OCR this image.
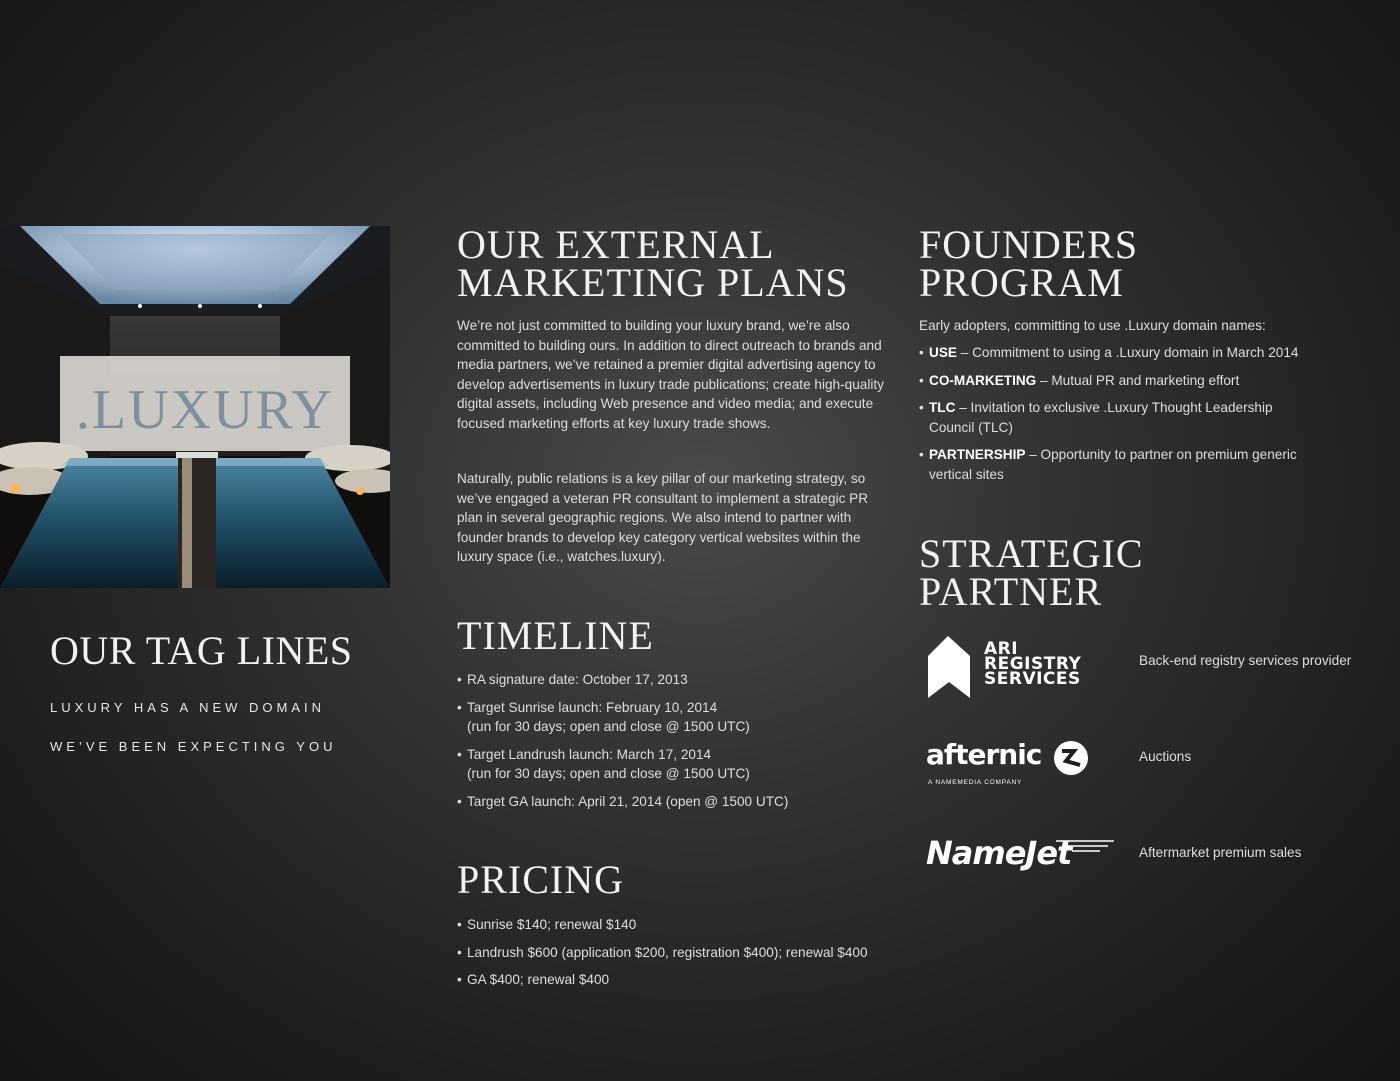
.LUXURY
OUR TAG LINES
LUXURY HAS A NEW DOMAIN
WE’VE BEEN EXPECTING YOU
OUR EXTERNAL
MARKETING PLANS

We’re not just committed to building your luxury brand, we’re also committed to building ours. In addition to direct outreach to brands and media partners, we’ve retained a premier digital advertising agency to develop advertisements in luxury trade publications; create high-quality digital assets, including Web presence and video media; and execute focused marketing efforts at key luxury trade shows.

Naturally, public relations is a key pillar of our marketing strategy, so we’ve engaged a veteran PR consultant to implement a strategic PR plan in several geographic regions. We also intend to partner with founder brands to develop key category vertical websites within the luxury space (i.e., watches.luxury).

TIMELINE
• RA signature date: October 17, 2013
• Target Sunrise launch: February 10, 2014
(run for 30 days; open and close @ 1500 UTC)
• Target Landrush launch: March 17, 2014
(run for 30 days; open and close @ 1500 UTC)
• Target GA launch: April 21, 2014 (open @ 1500 UTC)
PRICING
• Sunrise $140; renewal $140
• Landrush $600 (application $200, registration $400); renewal $400
• GA $400; renewal $400
FOUNDERS
PROGRAM

Early adopters, committing to use .Luxury domain names:

• USE – Commitment to using a .Luxury domain in March 2014
• CO-MARKETING – Mutual PR and marketing effort
• TLC – Invitation to exclusive .Luxury Thought Leadership Council (TLC)
• PARTNERSHIP – Opportunity to partner on premium generic vertical sites
STRATEGIC
PARTNER
ARI
REGISTRY
SERVICES
Back-end registry services provider
afternic
A NAMEMEDIA COMPANY
Auctions
NameJet	Aftermarket premium sales
